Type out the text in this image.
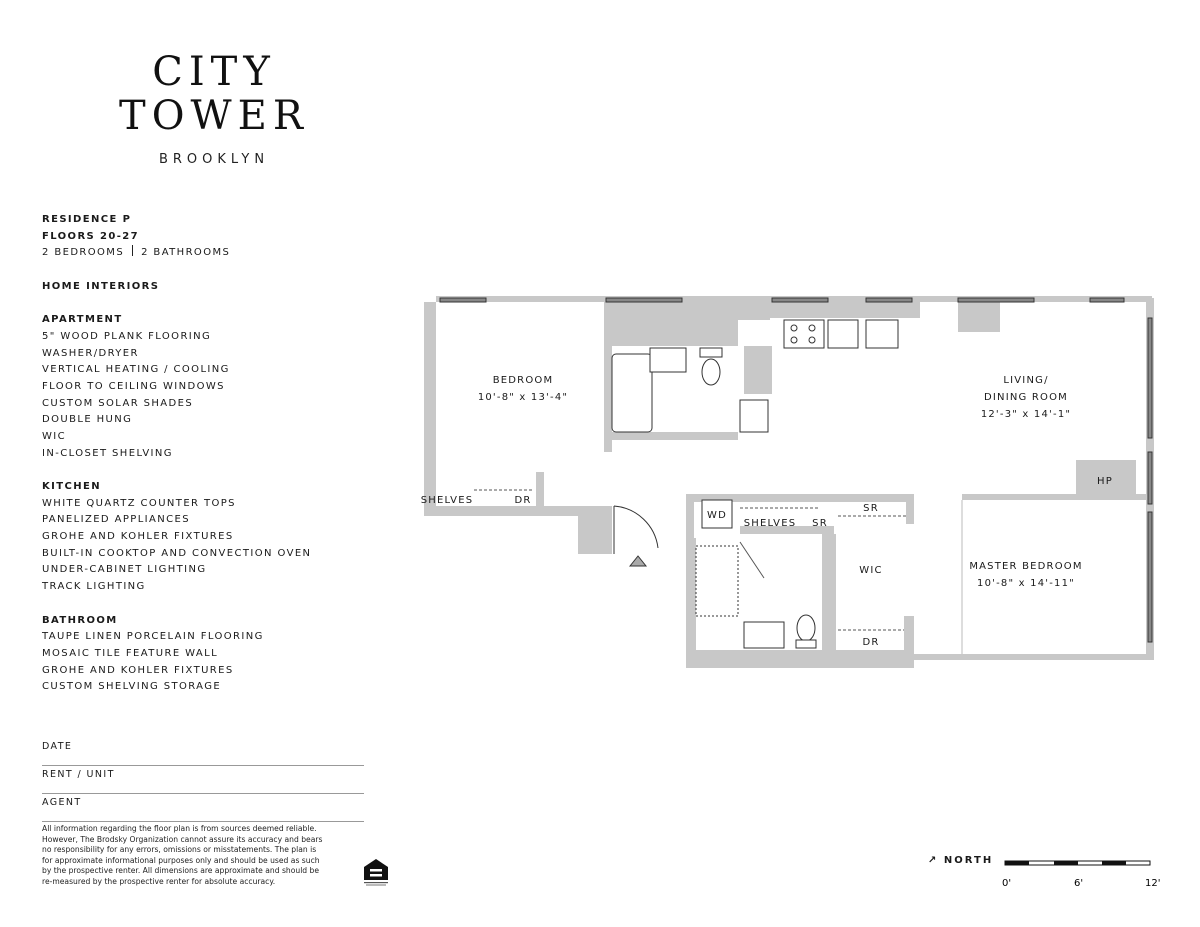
CITY
TOWER
BROOKLYN
RESIDENCE P
FLOORS 20-27
2 BEDROOMS 2 BATHROOMS
HOME INTERIORS
APARTMENT
5" WOOD PLANK FLOORING
WASHER/DRYER
VERTICAL HEATING / COOLING
FLOOR TO CEILING WINDOWS
CUSTOM SOLAR SHADES
DOUBLE HUNG
WIC
IN-CLOSET SHELVING
KITCHEN
WHITE QUARTZ COUNTER TOPS
PANELIZED APPLIANCES
GROHE AND KOHLER FIXTURES
BUILT-IN COOKTOP AND CONVECTION OVEN
UNDER-CABINET LIGHTING
TRACK LIGHTING
BATHROOM
TAUPE LINEN PORCELAIN FLOORING
MOSAIC TILE FEATURE WALL
GROHE AND KOHLER FIXTURES
CUSTOM SHELVING STORAGE
DATE
RENT / UNIT
AGENT
All information regarding the floor plan is from sources deemed reliable.
However, The Brodsky Organization cannot assure its accuracy and bears
no responsibility for any errors, omissions or misstatements. The plan is
for approximate informational purposes only and should be used as such
by the prospective renter. All dimensions are approximate and should be
re-measured by the prospective renter for absolute accuracy.
↗ NORTH
0'	6'	12'
BEDROOM
10'-8" x 13'-4"
LIVING/
DINING ROOM
12'-3" x 14'-1"
MASTER BEDROOM
10'-8" x 14'-11"
WIC
HP
WD
SHELVES	DR
SHELVES SR
SR
DR
